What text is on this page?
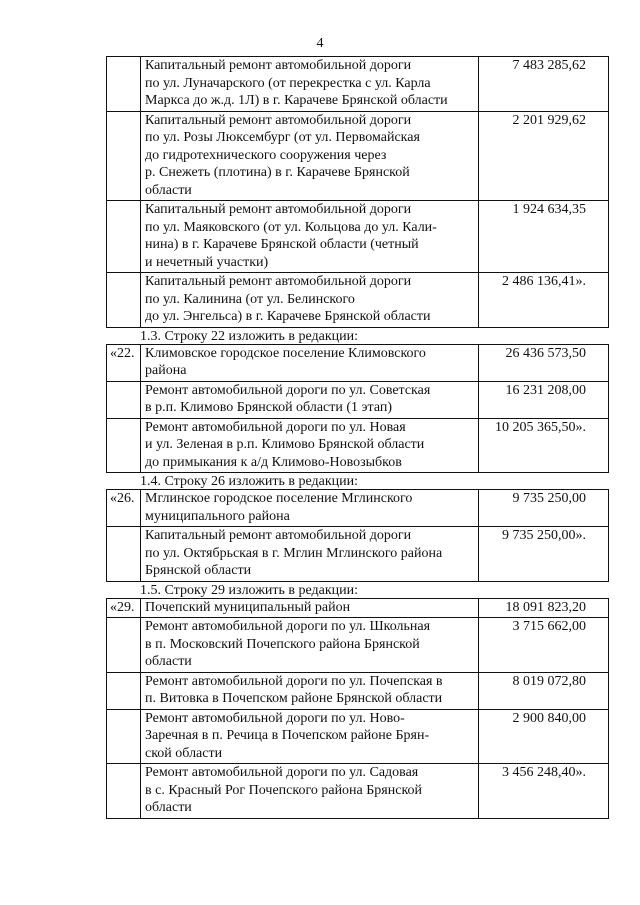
4
	Капитальный ремонт автомобильной дороги
по ул. Луначарского (от перекрестка с ул. Карла
Маркса до ж.д. 1Л) в г. Карачеве Брянской области	7 483 285,62
	Капитальный ремонт автомобильной дороги
по ул. Розы Люксембург (от ул. Первомайская
до гидротехнического сооружения через
р. Снежеть (плотина) в г. Карачеве Брянской
области	2 201 929,62
	Капитальный ремонт автомобильной дороги
по ул. Маяковского (от ул. Кольцова до ул. Кали-
нина) в г. Карачеве Брянской области (четный
и нечетный участки)	1 924 634,35
	Капитальный ремонт автомобильной дороги
по ул. Калинина (от ул. Белинского
до ул. Энгельса) в г. Карачеве Брянской области	2 486 136,41».
1.3. Строку 22 изложить в редакции:
«22.	Климовское городское поселение Климовского
района	26 436 573,50
	Ремонт автомобильной дороги по ул. Советская
в р.п. Климово Брянской области (1 этап)	16 231 208,00
	Ремонт автомобильной дороги по ул. Новая
и ул. Зеленая в р.п. Климово Брянской области
до примыкания к а/д Климово-Новозыбков	10 205 365,50».
1.4. Строку 26 изложить в редакции:
«26.	Мглинское городское поселение Мглинского
муниципального района	9 735 250,00
	Капитальный ремонт автомобильной дороги
по ул. Октябрьская в г. Мглин Мглинского района
Брянской области	9 735 250,00».
1.5. Строку 29 изложить в редакции:
«29.	Почепский муниципальный район	18 091 823,20
	Ремонт автомобильной дороги по ул. Школьная
в п. Московский Почепского района Брянской
области	3 715 662,00
	Ремонт автомобильной дороги по ул. Почепская в
п. Витовка в Почепском районе Брянской области	8 019 072,80
	Ремонт автомобильной дороги по ул. Ново-
Заречная в п. Речица в Почепском районе Брян-
ской области	2 900 840,00
	Ремонт автомобильной дороги по ул. Садовая
в с. Красный Рог Почепского района Брянской
области	3 456 248,40».
